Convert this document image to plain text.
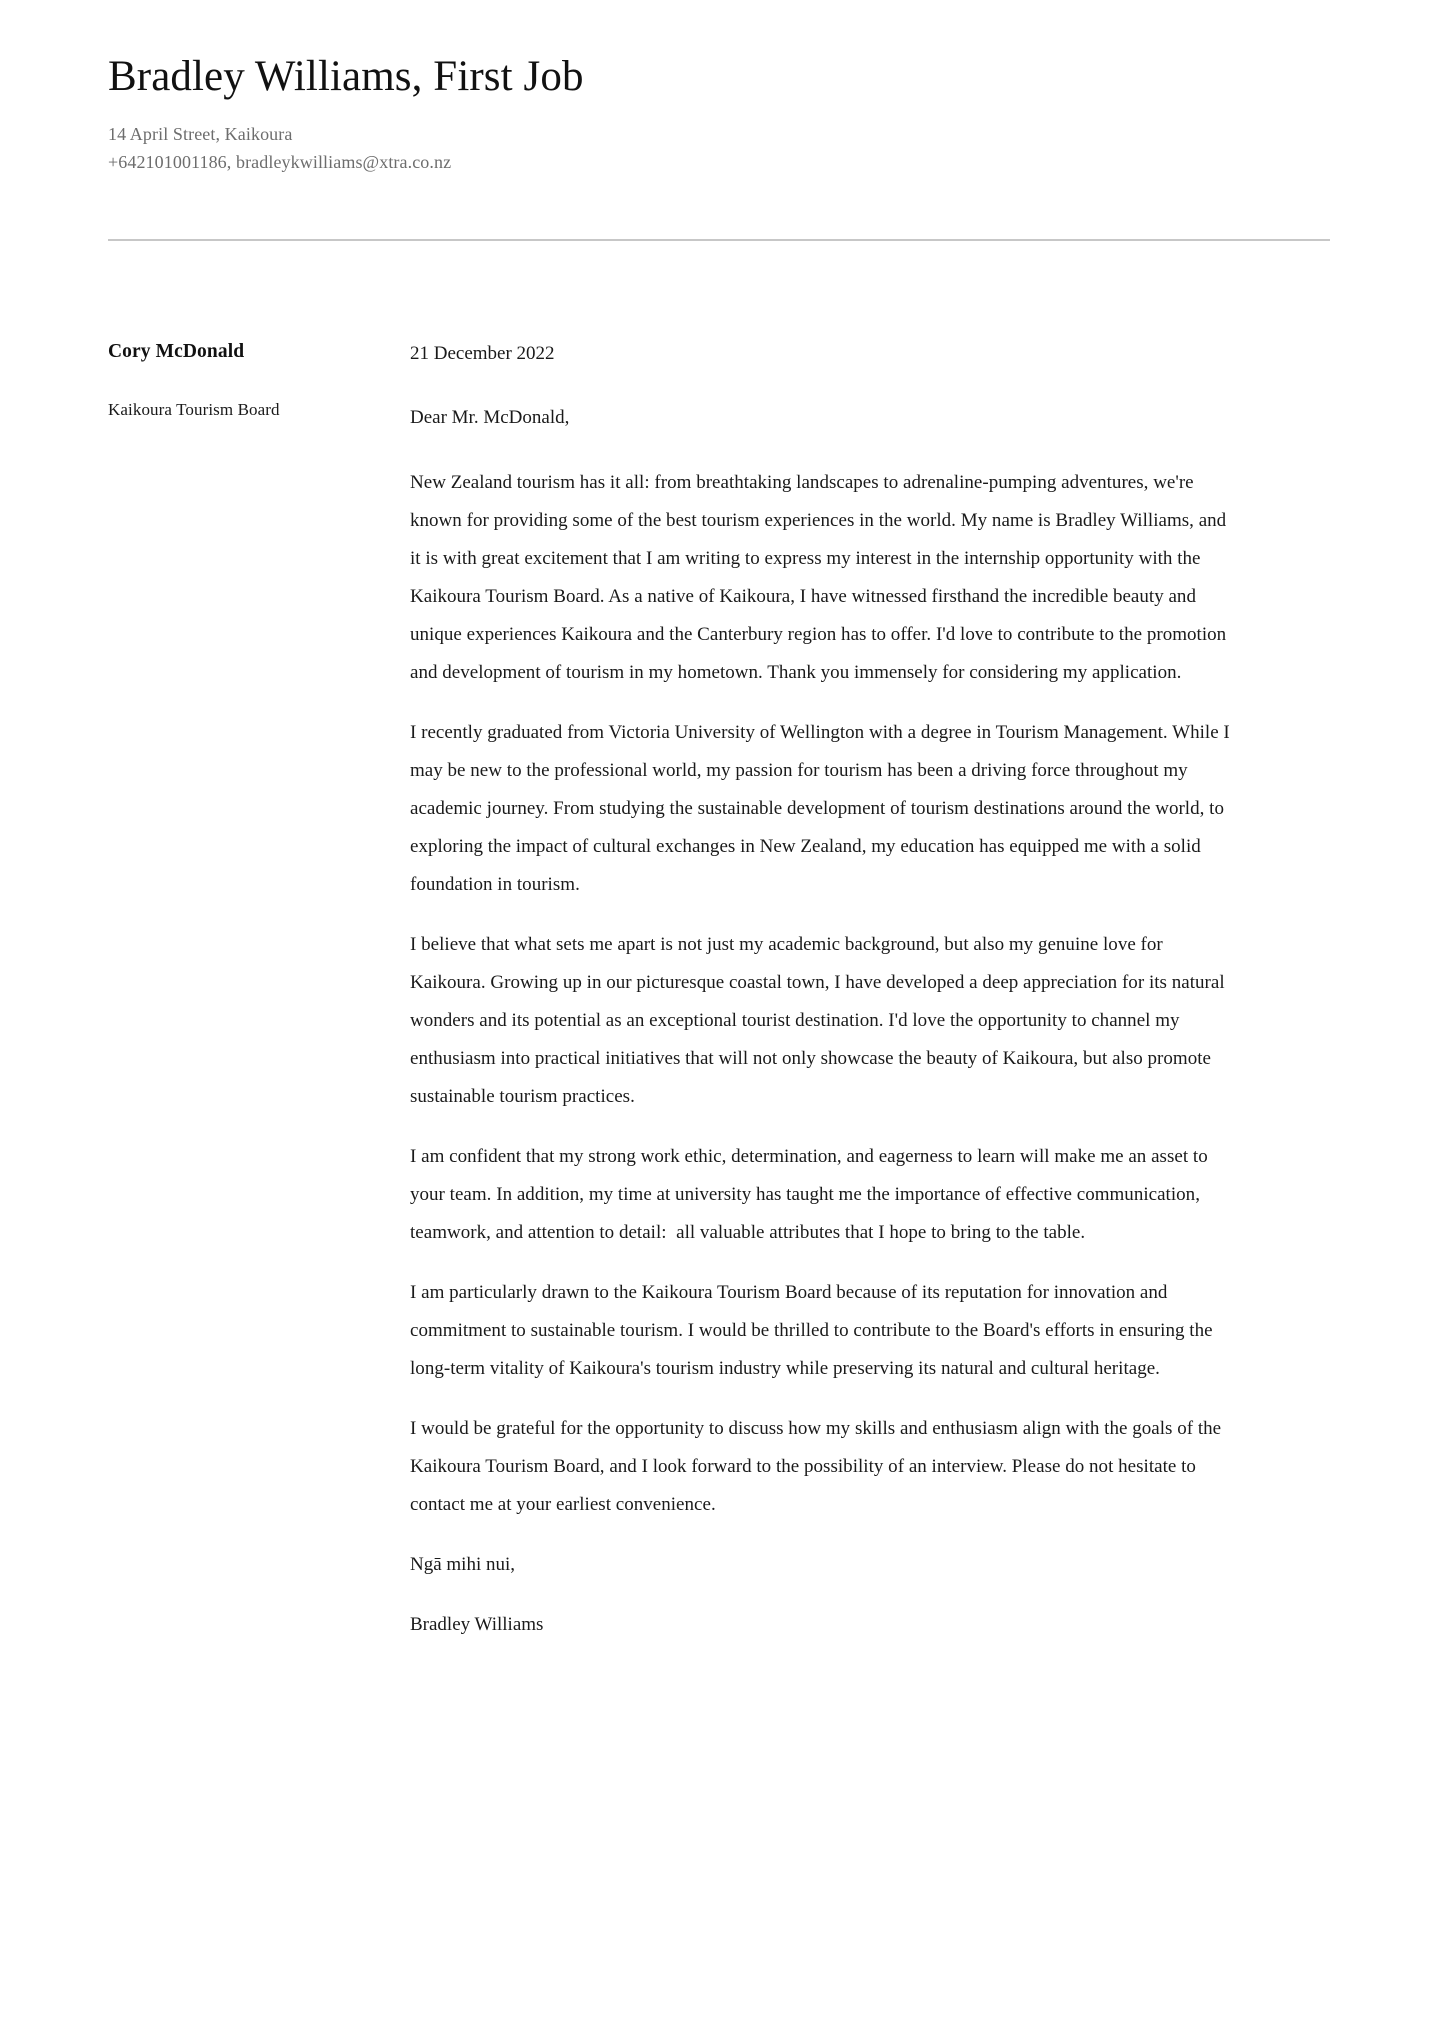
Bradley Williams, First Job
14 April Street, Kaikoura
+642101001186, bradleykwilliams@xtra.co.nz
Cory McDonald
Kaikoura Tourism Board
21 December 2022
Dear Mr. McDonald,

New Zealand tourism has it all: from breathtaking landscapes to adrenaline-pumping adventures, we're known for providing some of the best tourism experiences in the world. My name is Bradley Williams, and it is with great excitement that I am writing to express my interest in the internship opportunity with the Kaikoura Tourism Board. As a native of Kaikoura, I have witnessed firsthand the incredible beauty and unique experiences Kaikoura and the Canterbury region has to offer. I'd love to contribute to the promotion and development of tourism in my hometown. Thank you immensely for considering my application.

I recently graduated from Victoria University of Wellington with a degree in Tourism Management. While I may be new to the professional world, my passion for tourism has been a driving force throughout my academic journey. From studying the sustainable development of tourism destinations around the world, to exploring the impact of cultural exchanges in New Zealand, my education has equipped me with a solid foundation in tourism.

I believe that what sets me apart is not just my academic background, but also my genuine love for Kaikoura. Growing up in our picturesque coastal town, I have developed a deep appreciation for its natural wonders and its potential as an exceptional tourist destination. I'd love the opportunity to channel my enthusiasm into practical initiatives that will not only showcase the beauty of Kaikoura, but also promote sustainable tourism practices.

I am confident that my strong work ethic, determination, and eagerness to learn will make me an asset to your team. In addition, my time at university has taught me the importance of effective communication, teamwork, and attention to detail:  all valuable attributes that I hope to bring to the table.

I am particularly drawn to the Kaikoura Tourism Board because of its reputation for innovation and commitment to sustainable tourism. I would be thrilled to contribute to the Board's efforts in ensuring the long-term vitality of Kaikoura's tourism industry while preserving its natural and cultural heritage.

I would be grateful for the opportunity to discuss how my skills and enthusiasm align with the goals of the Kaikoura Tourism Board, and I look forward to the possibility of an interview. Please do not hesitate to contact me at your earliest convenience.

Ngā mihi nui,
Bradley Williams
